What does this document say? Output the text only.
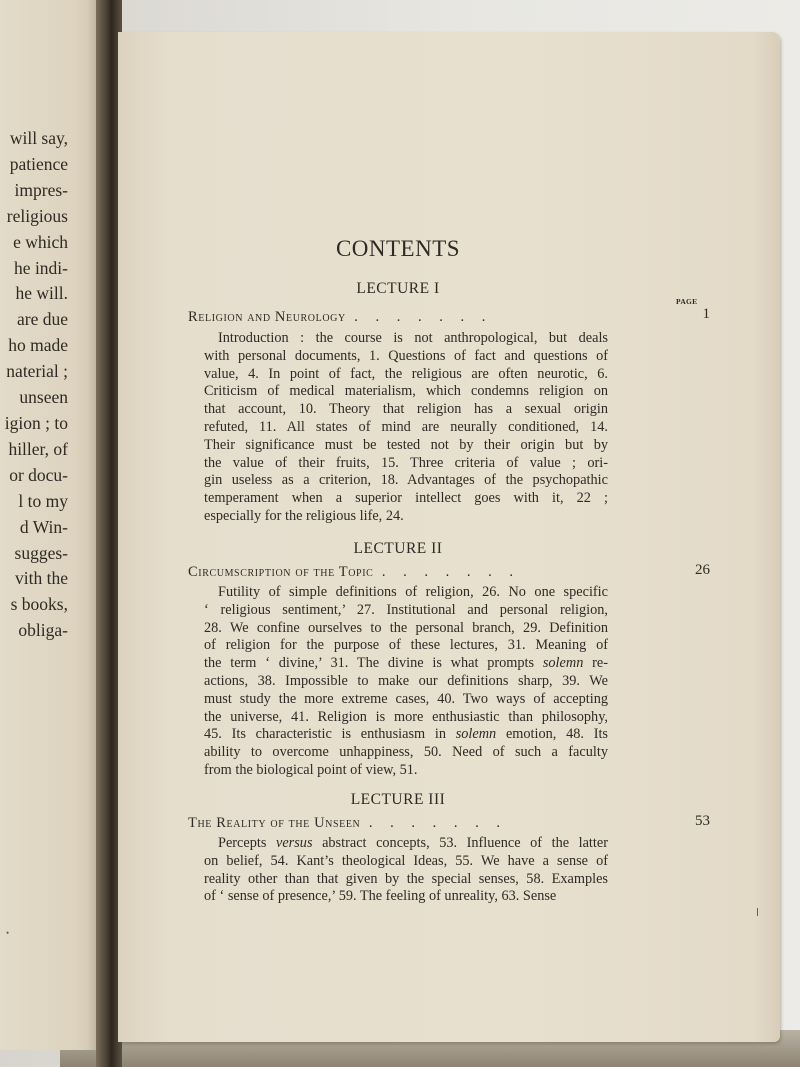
will say,
patience
impres-
religious
e which
he indi-
he will.
are due
ho made
naterial ;
unseen
igion ; to
hiller, of
or docu-
l to my
d Win-
sugges-
vith the
s books,
obliga-
•
CONTENTS
LECTURE I
Religion and Neurology . . . . . . .
Introduction : the course is not anthropological, but deals
with personal documents, 1. Questions of fact and questions of
value, 4. In point of fact, the religious are often neurotic, 6.
Criticism of medical materialism, which condemns religion on
that account, 10. Theory that religion has a sexual origin
refuted, 11. All states of mind are neurally conditioned, 14.
Their significance must be tested not by their origin but by
the value of their fruits, 15. Three criteria of value ; ori-
gin useless as a criterion, 18. Advantages of the psychopathic
temperament when a superior intellect goes with it, 22 ;
especially for the religious life, 24.
LECTURE II
Circumscription of the Topic . . . . . . .
Futility of simple definitions of religion, 26. No one specific
‘ religious sentiment,’ 27. Institutional and personal religion,
28. We confine ourselves to the personal branch, 29. Definition
of religion for the purpose of these lectures, 31. Meaning of
the term ‘ divine,’ 31. The divine is what prompts solemn re-
actions, 38. Impossible to make our definitions sharp, 39. We
must study the more extreme cases, 40. Two ways of accepting
the universe, 41. Religion is more enthusiastic than philosophy,
45. Its characteristic is enthusiasm in solemn emotion, 48. Its
ability to overcome unhappiness, 50. Need of such a faculty
from the biological point of view, 51.
LECTURE III
The Reality of the Unseen . . . . . . .
Percepts versus abstract concepts, 53. Influence of the latter
on belief, 54. Kant’s theological Ideas, 55. We have a sense of
reality other than that given by the special senses, 58. Examples
of ‘ sense of presence,’ 59. The feeling of unreality, 63. Sense
PAGE
1
26
53
